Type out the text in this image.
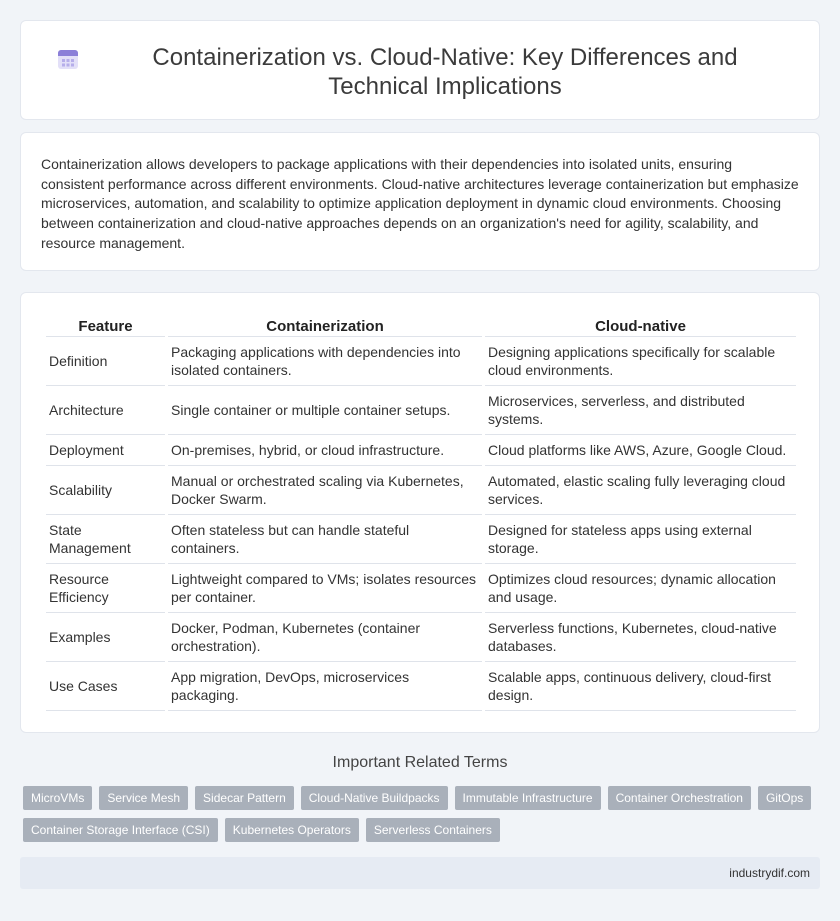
Containerization vs. Cloud-Native: Key Differences and Technical Implications

Containerization allows developers to package applications with their dependencies into isolated units, ensuring consistent performance across different environments. Cloud-native architectures leverage containerization but emphasize microservices, automation, and scalability to optimize application deployment in dynamic cloud environments. Choosing between containerization and cloud-native approaches depends on an organization's need for agility, scalability, and resource management.

Feature	Containerization	Cloud-native
Definition	Packaging applications with dependencies into isolated containers.	Designing applications specifically for scalable cloud environments.
Architecture	Single container or multiple container setups.	Microservices, serverless, and distributed systems.
Deployment	On-premises, hybrid, or cloud infrastructure.	Cloud platforms like AWS, Azure, Google Cloud.
Scalability	Manual or orchestrated scaling via Kubernetes, Docker Swarm.	Automated, elastic scaling fully leveraging cloud services.
State Management	Often stateless but can handle stateful containers.	Designed for stateless apps using external storage.
Resource Efficiency	Lightweight compared to VMs; isolates resources per container.	Optimizes cloud resources; dynamic allocation and usage.
Examples	Docker, Podman, Kubernetes (container orchestration).	Serverless functions, Kubernetes, cloud-native databases.
Use Cases	App migration, DevOps, microservices packaging.	Scalable apps, continuous delivery, cloud-first design.
Important Related Terms
MicroVMs	Service Mesh	Sidecar Pattern	Cloud-Native Buildpacks	Immutable Infrastructure	Container Orchestration	GitOps
Container Storage Interface (CSI)	Kubernetes Operators	Serverless Containers
industrydif.com
